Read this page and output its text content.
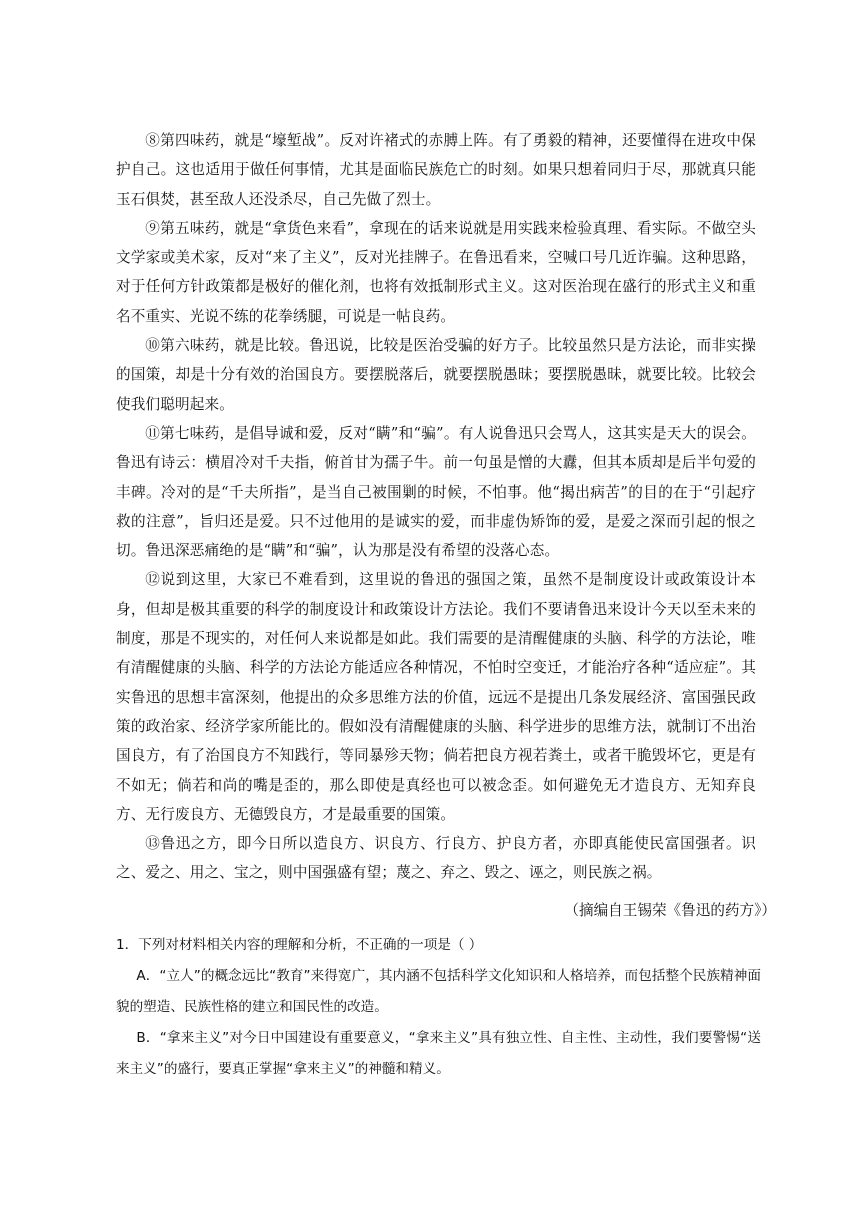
⑧第四味药，就是“壕堑战”。反对许褚式的赤膊上阵。有了勇毅的精神，还要懂得在进攻中保护自己。这也适用于做任何事情，尤其是面临民族危亡的时刻。如果只想着同归于尽，那就真只能玉石俱焚，甚至敌人还没杀尽，自己先做了烈士。

⑨第五味药，就是“拿货色来看”，拿现在的话来说就是用实践来检验真理、看实际。不做空头文学家或美术家，反对“来了主义”，反对光挂牌子。在鲁迅看来，空喊口号几近诈骗。这种思路，对于任何方针政策都是极好的催化剂，也将有效抵制形式主义。这对医治现在盛行的形式主义和重名不重实、光说不练的花拳绣腿，可说是一帖良药。

⑩第六味药，就是比较。鲁迅说，比较是医治受骗的好方子。比较虽然只是方法论，而非实操的国策，却是十分有效的治国良方。要摆脱落后，就要摆脱愚昧；要摆脱愚昧，就要比较。比较会使我们聪明起来。

⑪第七味药，是倡导诚和爱，反对“瞒”和“骗”。有人说鲁迅只会骂人，这其实是天大的误会。鲁迅有诗云：横眉冷对千夫指，俯首甘为孺子牛。前一句虽是憎的大纛，但其本质却是后半句爱的丰碑。冷对的是“千夫所指”，是当自己被围剿的时候，不怕事。他“揭出病苦”的目的在于“引起疗救的注意”，旨归还是爱。只不过他用的是诚实的爱，而非虚伪矫饰的爱，是爱之深而引起的恨之切。鲁迅深恶痛绝的是“瞒”和“骗”，认为那是没有希望的没落心态。

⑫说到这里，大家已不难看到，这里说的鲁迅的强国之策，虽然不是制度设计或政策设计本身，但却是极其重要的科学的制度设计和政策设计方法论。我们不要请鲁迅来设计今天以至未来的制度，那是不现实的，对任何人来说都是如此。我们需要的是清醒健康的头脑、科学的方法论，唯有清醒健康的头脑、科学的方法论方能适应各种情况，不怕时空变迁，才能治疗各种“适应症”。其实鲁迅的思想丰富深刻，他提出的众多思维方法的价值，远远不是提出几条发展经济、富国强民政策的政治家、经济学家所能比的。假如没有清醒健康的头脑、科学进步的思维方法，就制订不出治国良方，有了治国良方不知践行，等同暴殄天物；倘若把良方视若粪土，或者干脆毁坏它，更是有不如无；倘若和尚的嘴是歪的，那么即使是真经也可以被念歪。如何避免无才造良方、无知弃良方、无行废良方、无德毁良方，才是最重要的国策。

⑬鲁迅之方，即今日所以造良方、识良方、行良方、护良方者，亦即真能使民富国强者。识之、爱之、用之、宝之，则中国强盛有望；蔑之、弃之、毁之、诬之，则民族之祸。

（摘编自王锡荣《鲁迅的药方》）

1．下列对材料相关内容的理解和分析，不正确的一项是（ ）

A．“立人”的概念远比“教育”来得宽广，其内涵不包括科学文化知识和人格培养，而包括整个民族精神面貌的塑造、民族性格的建立和国民性的改造。

B．“拿来主义”对今日中国建设有重要意义，“拿来主义”具有独立性、自主性、主动性，我们要警惕“送来主义”的盛行，要真正掌握“拿来主义”的神髓和精义。
